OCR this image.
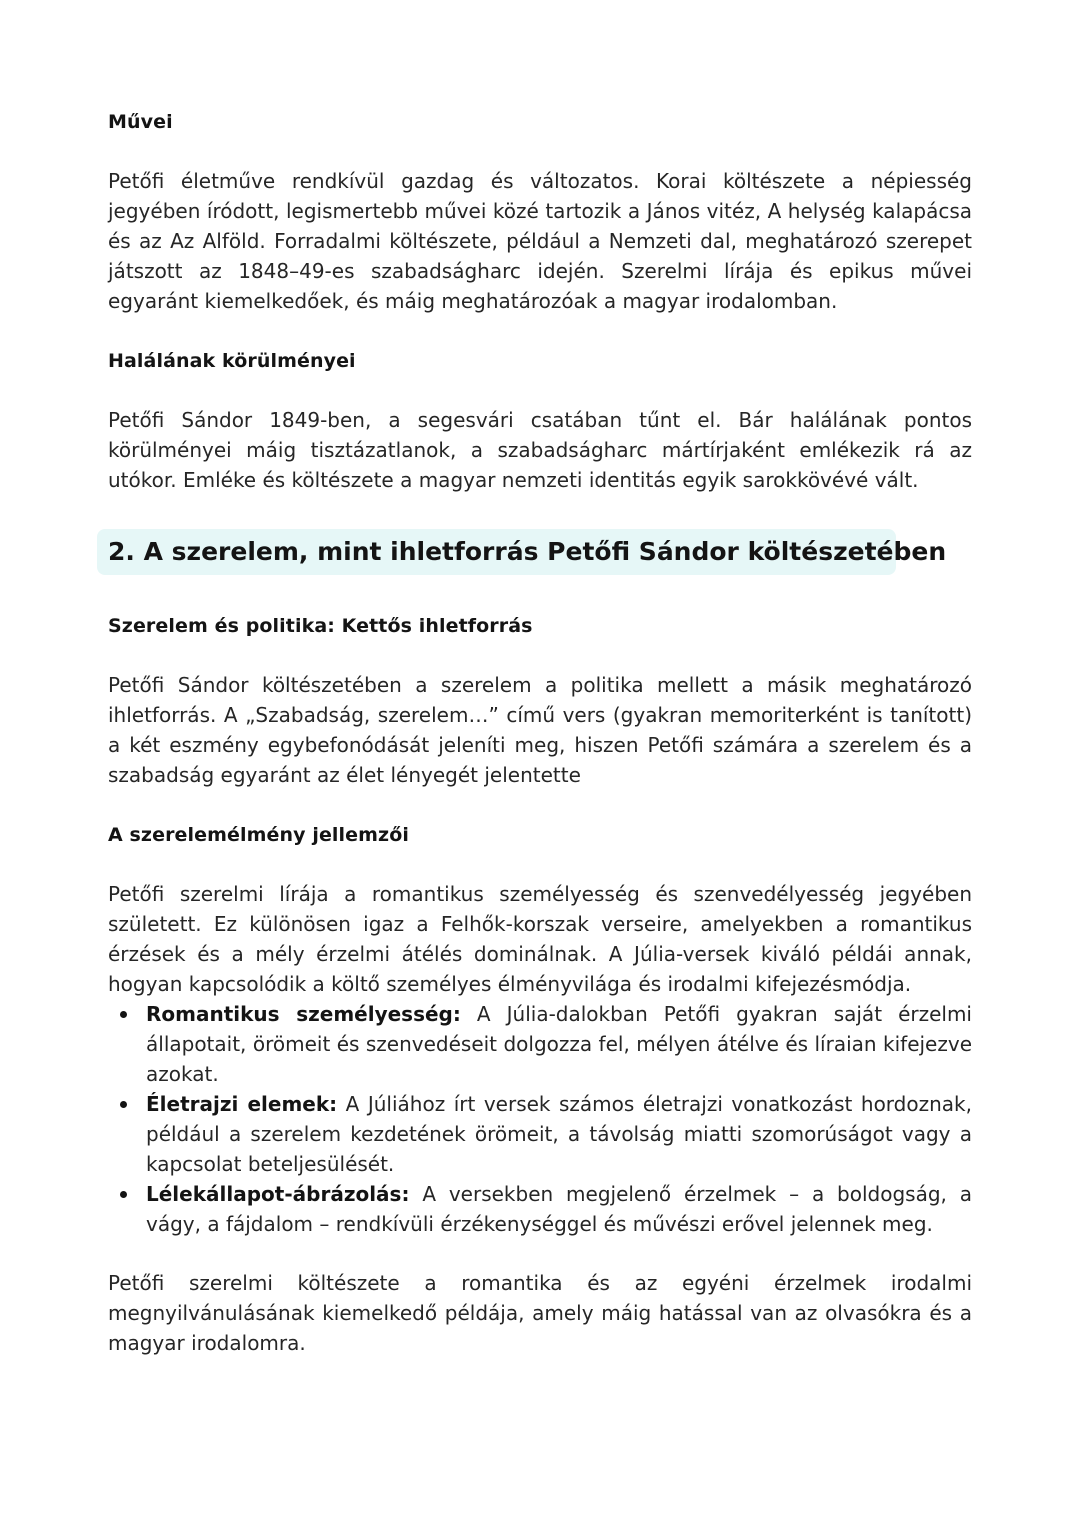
Művei

Petőfi életműve rendkívül gazdag és változatos. Korai költészete a népiesség jegyében íródott, legismertebb művei közé tartozik a János vitéz, A helység kalapácsa és az Az Alföld. Forradalmi költészete, például a Nemzeti dal, meghatározó szerepet játszott az 1848–49-es szabadságharc idején. Szerelmi lírája és epikus művei egyaránt kiemelkedőek, és máig meghatározóak a magyar irodalomban.

Halálának körülményei

Petőfi Sándor 1849-ben, a segesvári csatában tűnt el. Bár halálának pontos körülményei máig tisztázatlanok, a szabadságharc mártírjaként emlékezik rá az utókor. Emléke és költészete a magyar nemzeti identitás egyik sarokkövévé vált.

Szerelem és politika: Kettős ihletforrás

Petőfi Sándor költészetében a szerelem a politika mellett a másik meghatározó ihletforrás. A „Szabadság, szerelem…” című vers (gyakran memoriterként is tanított) a két eszmény egybefonódását jeleníti meg, hiszen Petőfi számára a szerelem és a szabadság egyaránt az élet lényegét jelentette

A szerelemélmény jellemzői

Petőfi szerelmi lírája a romantikus személyesség és szenvedélyesség jegyében született. Ez különösen igaz a Felhők-korszak verseire, amelyekben a romantikus érzések és a mély érzelmi átélés dominálnak. A Júlia-versek kiváló példái annak, hogyan kapcsolódik a költő személyes élményvilága és irodalmi kifejezésmódja.

Romantikus személyesség: A Júlia-dalokban Petőfi gyakran saját érzelmi állapotait, örömeit és szenvedéseit dolgozza fel, mélyen átélve és líraian kifejezve azokat.
Életrajzi elemek: A Júliához írt versek számos életrajzi vonatkozást hordoznak, például a szerelem kezdetének örömeit, a távolság miatti szomorúságot vagy a kapcsolat beteljesülését.
Lélekállapot-ábrázolás: A versekben megjelenő érzelmek – a boldogság, a vágy, a fájdalom – rendkívüli érzékenységgel és művészi erővel jelennek meg.

Petőfi szerelmi költészete a romantika és az egyéni érzelmek irodalmi megnyilvánulásának kiemelkedő példája, amely máig hatással van az olvasókra és a magyar irodalomra.

2. A szerelem, mint ihletforrás Petőfi Sándor költészetében
